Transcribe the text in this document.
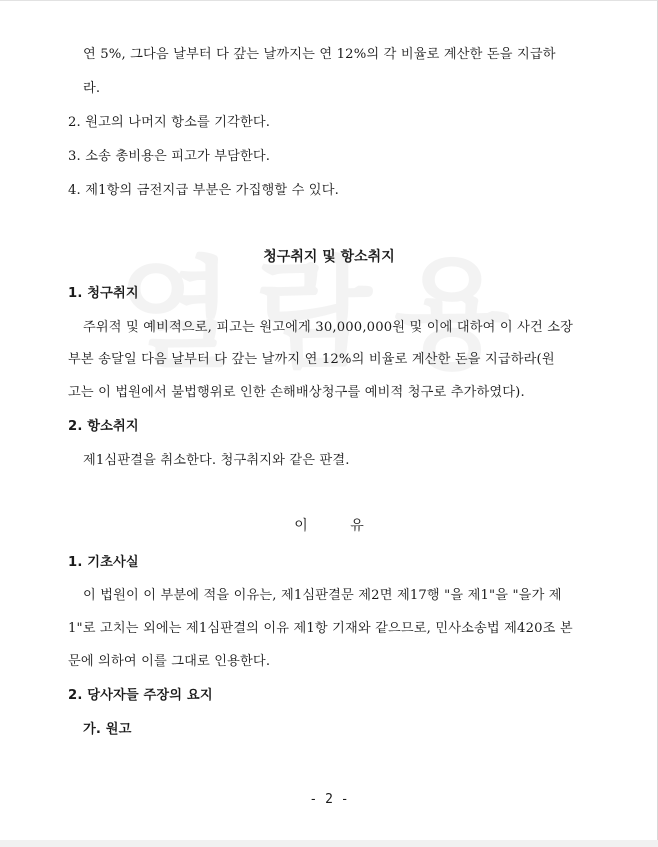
연 5%, 그다음 날부터 다 갚는 날까지는 연 12%의 각 비율로 계산한 돈을 지급하
라.
2. 원고의 나머지 항소를 기각한다.
3. 소송 총비용은 피고가 부담한다.
4. 제1항의 금전지급 부분은 가집행할 수 있다.
청구취지 및 항소취지
1. 청구취지
주위적 및 예비적으로, 피고는 원고에게 30,000,000원 및 이에 대하여 이 사건 소장
부본 송달일 다음 날부터 다 갚는 날까지 연 12%의 비율로 계산한 돈을 지급하라(원
고는 이 법원에서 불법행위로 인한 손해배상청구를 예비적 청구로 추가하였다).
2. 항소취지
제1심판결을 취소한다. 청구취지와 같은 판결.
이 유
1. 기초사실
이 법원이 이 부분에 적을 이유는, 제1심판결문 제2면 제17행 "을 제1"을 "을가 제
1"로 고치는 외에는 제1심판결의 이유 제1항 기재와 같으므로, 민사소송법 제420조 본
문에 의하여 이를 그대로 인용한다.
2. 당사자들 주장의 요지
가. 원고
- 2 -
